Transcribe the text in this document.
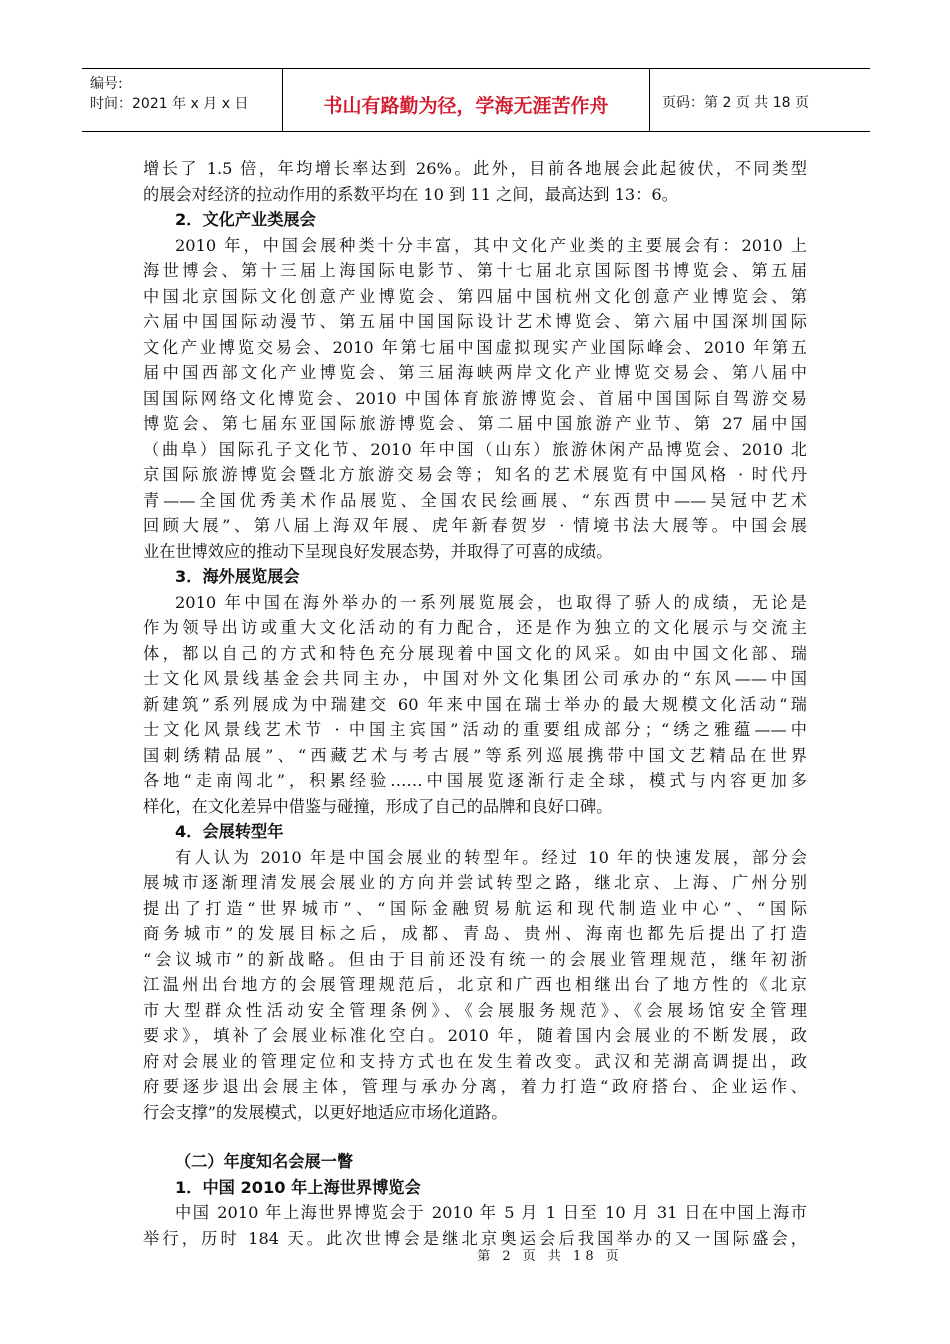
编号:
时间：2021 年 x 月 x 日	书山有路勤为径，学海无涯苦作舟	页码：第 2 页 共 18 页
增长了 1.5 倍，年均增长率达到 26%。此外，目前各地展会此起彼伏，不同类型
的展会对经济的拉动作用的系数平均在 10 到 11 之间，最高达到 13：6。
2．文化产业类展会
2010 年，中国会展种类十分丰富，其中文化产业类的主要展会有：2010 上
海世博会、第十三届上海国际电影节、第十七届北京国际图书博览会、第五届
中国北京国际文化创意产业博览会、第四届中国杭州文化创意产业博览会、第
六届中国国际动漫节、第五届中国国际设计艺术博览会、第六届中国深圳国际
文化产业博览交易会、2010 年第七届中国虚拟现实产业国际峰会、2010 年第五
届中国西部文化产业博览会、第三届海峡两岸文化产业博览交易会、第八届中
国国际网络文化博览会、2010 中国体育旅游博览会、首届中国国际自驾游交易
博览会、第七届东亚国际旅游博览会、第二届中国旅游产业节、第 27 届中国
（曲阜）国际孔子文化节、2010 年中国（山东）旅游休闲产品博览会、2010 北
京国际旅游博览会暨北方旅游交易会等；知名的艺术展览有中国风格 · 时代丹
青——全国优秀美术作品展览、全国农民绘画展、“东西贯中——吴冠中艺术
回顾大展”、第八届上海双年展、虎年新春贺岁 · 情境书法大展等。中国会展
业在世博效应的推动下呈现良好发展态势，并取得了可喜的成绩。
3．海外展览展会
2010 年中国在海外举办的一系列展览展会，也取得了骄人的成绩，无论是
作为领导出访或重大文化活动的有力配合，还是作为独立的文化展示与交流主
体，都以自己的方式和特色充分展现着中国文化的风采。如由中国文化部、瑞
士文化风景线基金会共同主办，中国对外文化集团公司承办的“东风——中国
新建筑”系列展成为中瑞建交 60 年来中国在瑞士举办的最大规模文化活动“瑞
士文化风景线艺术节 · 中国主宾国”活动的重要组成部分；“绣之雅蕴——中
国刺绣精品展”、“西藏艺术与考古展”等系列巡展携带中国文艺精品在世界
各地“走南闯北”，积累经验……中国展览逐渐行走全球，模式与内容更加多
样化，在文化差异中借鉴与碰撞，形成了自己的品牌和良好口碑。
4．会展转型年
有人认为 2010 年是中国会展业的转型年。经过 10 年的快速发展，部分会
展城市逐渐理清发展会展业的方向并尝试转型之路，继北京、上海、广州分别
提出了打造“世界城市”、“国际金融贸易航运和现代制造业中心”、“国际
商务城市”的发展目标之后，成都、青岛、贵州、海南也都先后提出了打造
“会议城市”的新战略。但由于目前还没有统一的会展业管理规范，继年初浙
江温州出台地方的会展管理规范后，北京和广西也相继出台了地方性的《北京
市大型群众性活动安全管理条例》、《会展服务规范》、《会展场馆安全管理
要求》，填补了会展业标准化空白。2010 年，随着国内会展业的不断发展，政
府对会展业的管理定位和支持方式也在发生着改变。武汉和芜湖高调提出，政
府要逐步退出会展主体，管理与承办分离，着力打造“政府搭台、企业运作、
行会支撑”的发展模式，以更好地适应市场化道路。
（二）年度知名会展一瞥
1．中国 2010 年上海世界博览会
中国 2010 年上海世界博览会于 2010 年 5 月 1 日至 10 月 31 日在中国上海市
举行，历时 184 天。此次世博会是继北京奥运会后我国举办的又一国际盛会，
第 2 页 共 18 页
